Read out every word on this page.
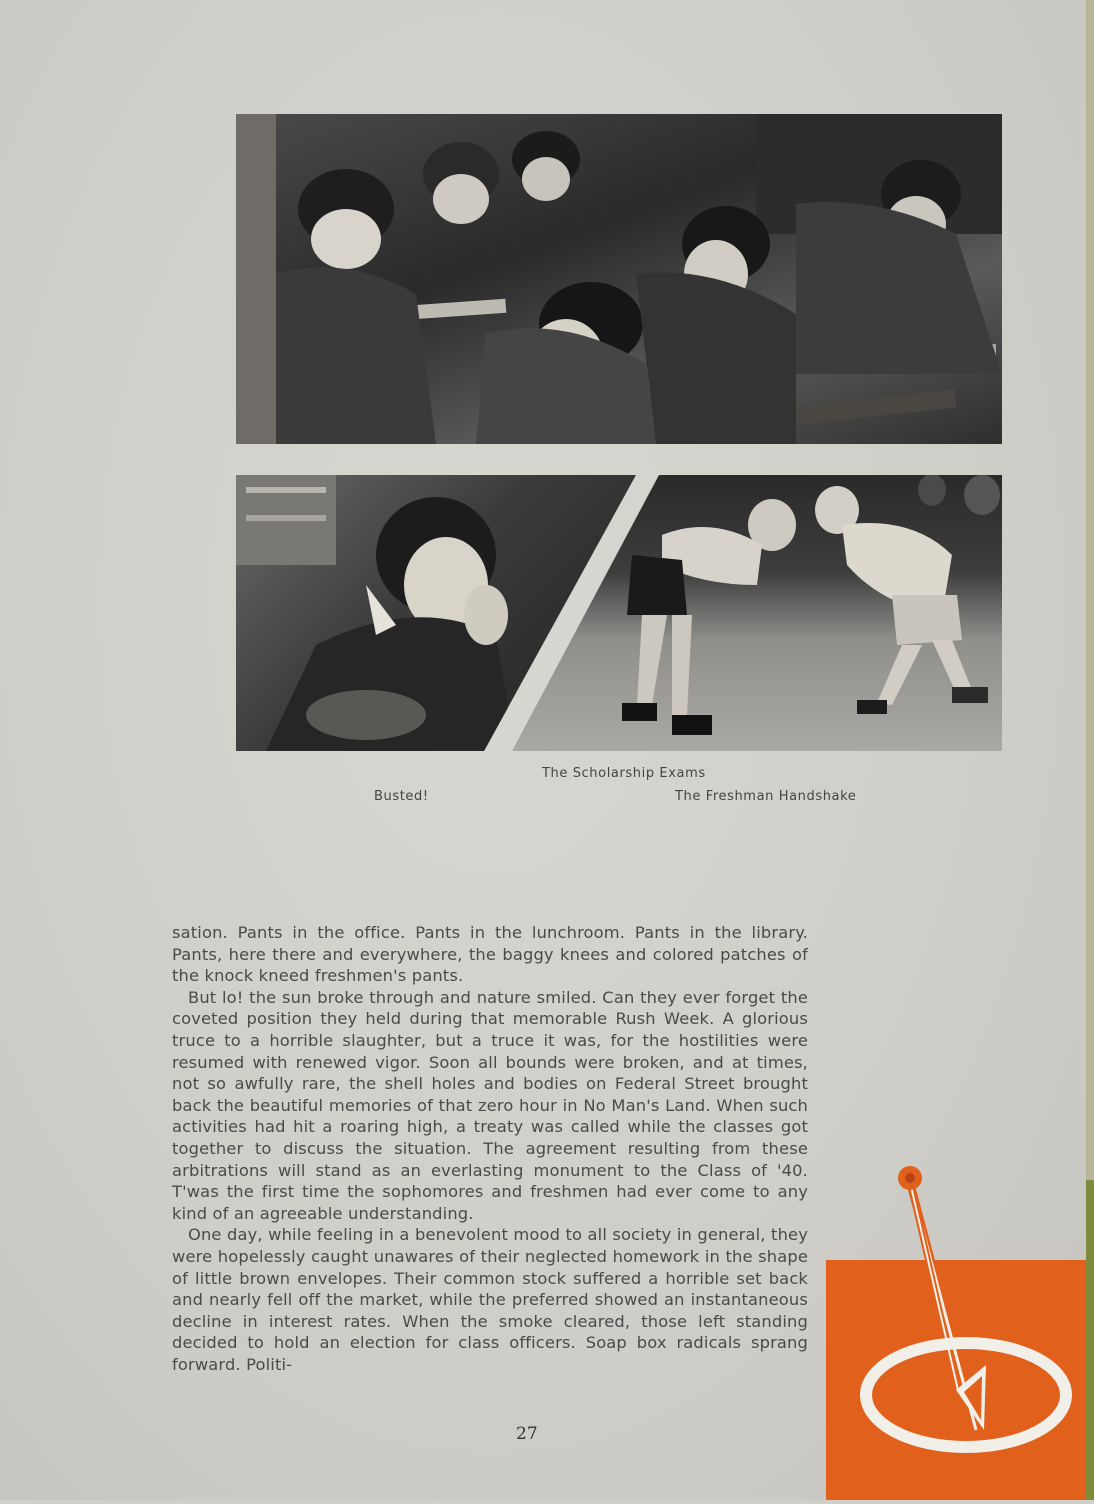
The Scholarship Exams
Busted!	The Freshman Handshake

sation. Pants in the office. Pants in the lunchroom. Pants in the library. Pants, here there and everywhere, the baggy knees and colored patches of the knock kneed freshmen's pants.

But lo! the sun broke through and nature smiled. Can they ever forget the coveted position they held during that memorable Rush Week. A glorious truce to a horrible slaughter, but a truce it was, for the hostilities were resumed with renewed vigor. Soon all bounds were broken, and at times, not so awfully rare, the shell holes and bodies on Federal Street brought back the beautiful memories of that zero hour in No Man's Land. When such activities had hit a roaring high, a treaty was called while the classes got together to discuss the situation. The agreement resulting from these arbitrations will stand as an everlasting monument to the Class of '40. T'was the first time the sophomores and freshmen had ever come to any kind of an agreeable understanding.

One day, while feeling in a benevolent mood to all society in general, they were hopelessly caught unawares of their neglected homework in the shape of little brown envelopes. Their common stock suffered a horrible set back and nearly fell off the market, while the preferred showed an instantaneous decline in interest rates. When the smoke cleared, those left standing decided to hold an election for class officers. Soap box radicals sprang forward. Politi-

27
